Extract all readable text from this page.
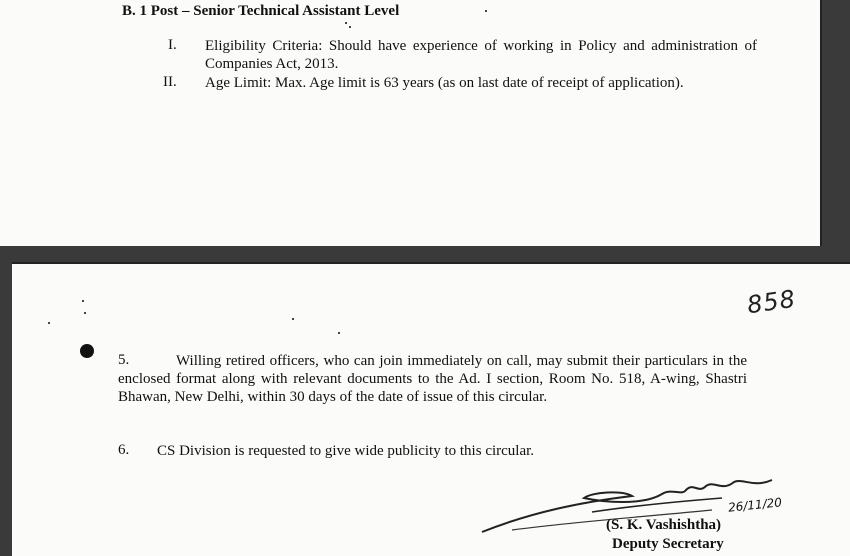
B. 1 Post – Senior Technical Assistant Level
I. Eligibility Criteria: Should have experience of working in Policy and administration of Companies Act, 2013.
II. Age Limit: Max. Age limit is 63 years (as on last date of receipt of application).
858
5.	Willing retired officers, who can join immediately on call, may submit their particulars in the enclosed format along with relevant documents to the Ad. I section, Room No. 518, A-wing, Shastri Bhawan, New Delhi, within 30 days of the date of issue of this circular.
6. CS Division is requested to give wide publicity to this circular.
26/11/20
(S. K. Vashishtha)
Deputy Secretary
